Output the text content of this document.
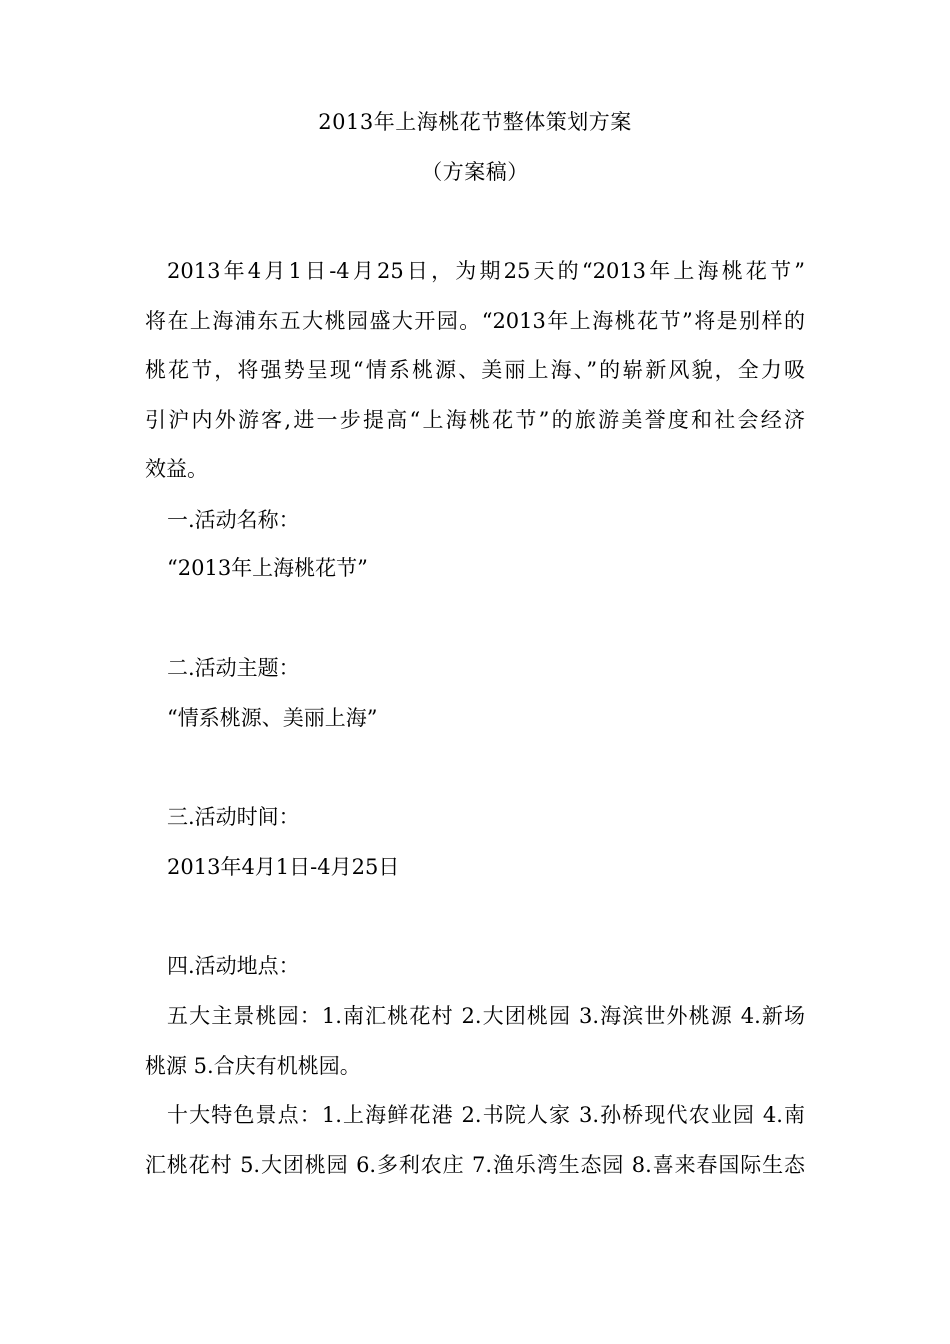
2013年上海桃花节整体策划方案
（方案稿）
2013年4月1日-4月25日，为期25天的“2013年上海桃花节”
将在上海浦东五大桃园盛大开园。“2013年上海桃花节”将是别样的
桃花节，将强势呈现“情系桃源、美丽上海、”的崭新风貌，全力吸
引沪内外游客,进一步提高“上海桃花节”的旅游美誉度和社会经济
效益。
一.活动名称：
“2013年上海桃花节”
二.活动主题：
“情系桃源、美丽上海”
三.活动时间：
2013年4月1日-4月25日
四.活动地点：
五大主景桃园：1.南汇桃花村 2.大团桃园 3.海滨世外桃源 4.新场
桃源 5.合庆有机桃园。
十大特色景点：1.上海鲜花港 2.书院人家 3.孙桥现代农业园 4.南
汇桃花村 5.大团桃园 6.多利农庄 7.渔乐湾生态园 8.喜来春国际生态
